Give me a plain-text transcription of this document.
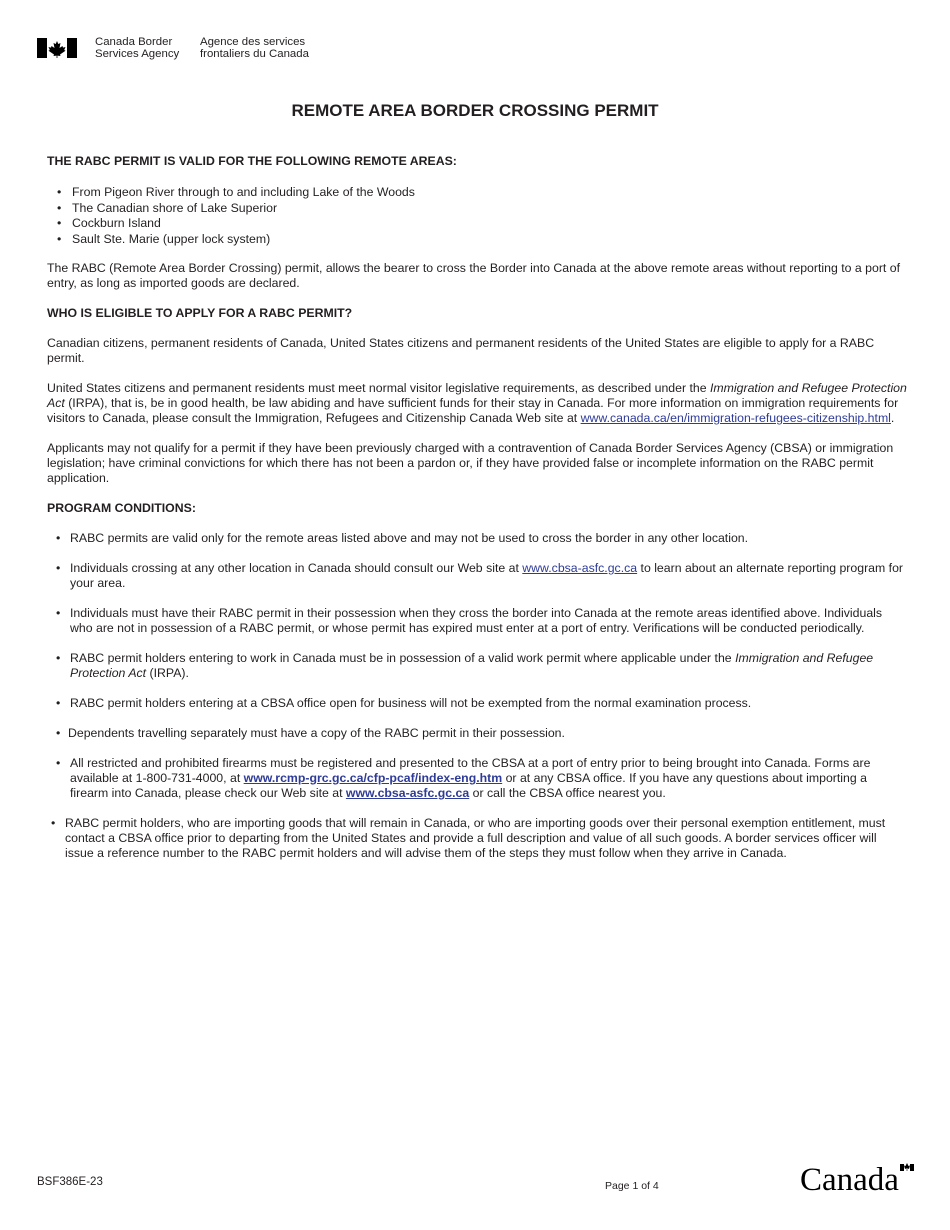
Canada Border
Services Agency
Agence des services
frontaliers du Canada
REMOTE AREA BORDER CROSSING PERMIT
THE RABC PERMIT IS VALID FOR THE FOLLOWING REMOTE AREAS:
• From Pigeon River through to and including Lake of the Woods
• The Canadian shore of Lake Superior
• Cockburn Island
• Sault Ste. Marie (upper lock system)

The RABC (Remote Area Border Crossing) permit, allows the bearer to cross the Border into Canada at the above remote areas without reporting to a port of entry, as long as imported goods are declared.

WHO IS ELIGIBLE TO APPLY FOR A RABC PERMIT?

Canadian citizens, permanent residents of Canada, United States citizens and permanent residents of the United States are eligible to apply for a RABC permit.

United States citizens and permanent residents must meet normal visitor legislative requirements, as described under the Immigration and Refugee Protection Act (IRPA), that is, be in good health, be law abiding and have sufficient funds for their stay in Canada. For more information on immigration requirements for visitors to Canada, please consult the Immigration, Refugees and Citizenship Canada Web site at www.canada.ca/en/immigration-refugees-citizenship.html.

Applicants may not qualify for a permit if they have been previously charged with a contravention of Canada Border Services Agency (CBSA) or immigration legislation; have criminal convictions for which there has not been a pardon or, if they have provided false or incomplete information on the RABC permit application.

PROGRAM CONDITIONS:
• RABC permits are valid only for the remote areas listed above and may not be used to cross the border in any other location.
• Individuals crossing at any other location in Canada should consult our Web site at www.cbsa-asfc.gc.ca to learn about an alternate reporting program for your area.
• Individuals must have their RABC permit in their possession when they cross the border into Canada at the remote areas identified above. Individuals who are not in possession of a RABC permit, or whose permit has expired must enter at a port of entry. Verifications will be conducted periodically.
• RABC permit holders entering to work in Canada must be in possession of a valid work permit where applicable under the Immigration and Refugee Protection Act (IRPA).
• RABC permit holders entering at a CBSA office open for business will not be exempted from the normal examination process.
• Dependents travelling separately must have a copy of the RABC permit in their possession.
• All restricted and prohibited firearms must be registered and presented to the CBSA at a port of entry prior to being brought into Canada. Forms are available at 1-800-731-4000, at www.rcmp-grc.gc.ca/cfp-pcaf/index-eng.htm or at any CBSA office. If you have any questions about importing a firearm into Canada, please check our Web site at www.cbsa-asfc.gc.ca or call the CBSA office nearest you.
• RABC permit holders, who are importing goods that will remain in Canada, or who are importing goods over their personal exemption entitlement, must contact a CBSA office prior to departing from the United States and provide a full description and value of all such goods. A border services officer will issue a reference number to the RABC permit holders and will advise them of the steps they must follow when they arrive in Canada.
BSF386E-23	Page 1 of 4	Canada
